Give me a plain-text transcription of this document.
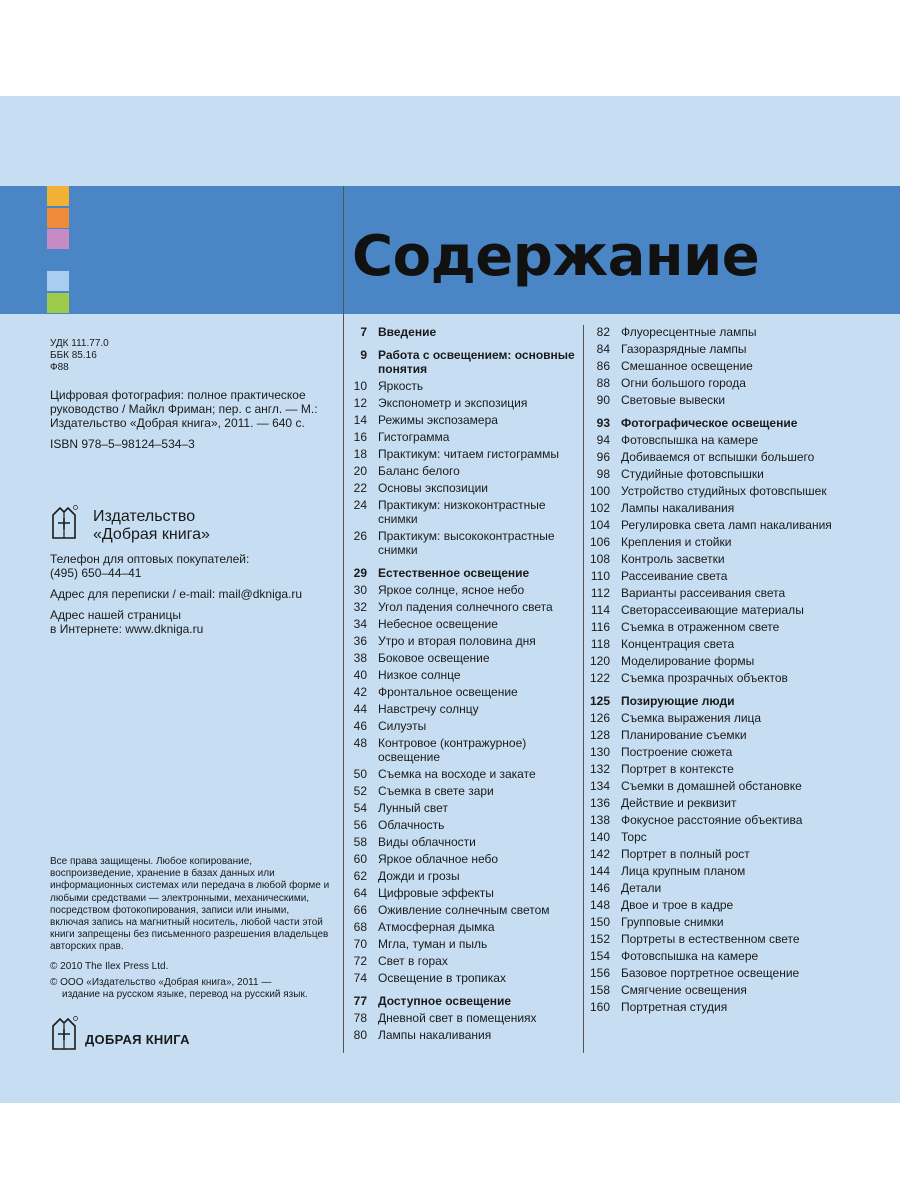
Содержание
УДК 111.77.0
ББК 85.16
Ф88
Цифровая фотография: полное практическое руководство / Майкл Фриман; пер. с англ. — М.: Издательство «Добрая книга», 2011. — 640 с.
ISBN 978–5–98124–534–3
Издательство
«Добрая книга»
Телефон для оптовых покупателей:
(495) 650–44–41
Адрес для переписки / e-mail: mail@dkniga.ru
Адрес нашей страницы
в Интернете: www.dkniga.ru
Все права защищены. Любое копирование, воспроизведение, хранение в базах данных или информационных системах или передача в любой форме и любыми средствами — электронными, механическими, посредством фотокопирования, записи или иными, включая запись на магнитный носитель, любой части этой книги запрещены без письменного разрешения владельцев авторских прав.
© 2010 The Ilex Press Ltd.
© ООО «Издательство «Добрая книга», 2011 —
издание на русском языке, перевод на русский язык.
ДОБРАЯ КНИГА
7 Введение
9 Работа с освещением: основные понятия
10 Яркость
12 Экспонометр и экспозиция
14 Режимы экспозамера
16 Гистограмма
18 Практикум: читаем гистограммы
20 Баланс белого
22 Основы экспозиции
24 Практикум: низкоконтрастные снимки
26 Практикум: высококонтрастные снимки
29 Естественное освещение
30 Яркое солнце, ясное небо
32 Угол падения солнечного света
34 Небесное освещение
36 Утро и вторая половина дня
38 Боковое освещение
40 Низкое солнце
42 Фронтальное освещение
44 Навстречу солнцу
46 Силуэты
48 Контровое (контражурное) освещение
50 Съемка на восходе и закате
52 Съемка в свете зари
54 Лунный свет
56 Облачность
58 Виды облачности
60 Яркое облачное небо
62 Дожди и грозы
64 Цифровые эффекты
66 Оживление солнечным светом
68 Атмосферная дымка
70 Мгла, туман и пыль
72 Свет в горах
74 Освещение в тропиках
77 Доступное освещение
78 Дневной свет в помещениях
80 Лампы накаливания
82 Флуоресцентные лампы
84 Газоразрядные лампы
86 Смешанное освещение
88 Огни большого города
90 Световые вывески
93 Фотографическое освещение
94 Фотовспышка на камере
96 Добиваемся от вспышки большего
98 Студийные фотовспышки
100 Устройство студийных фотовспышек
102 Лампы накаливания
104 Регулировка света ламп накаливания
106 Крепления и стойки
108 Контроль засветки
110 Рассеивание света
112 Варианты рассеивания света
114 Светорассеивающие материалы
116 Съемка в отраженном свете
118 Концентрация света
120 Моделирование формы
122 Съемка прозрачных объектов
125 Позирующие люди
126 Съемка выражения лица
128 Планирование съемки
130 Построение сюжета
132 Портрет в контексте
134 Съемки в домашней обстановке
136 Действие и реквизит
138 Фокусное расстояние объектива
140 Торс
142 Портрет в полный рост
144 Лица крупным планом
146 Детали
148 Двое и трое в кадре
150 Групповые снимки
152 Портреты в естественном свете
154 Фотовспышка на камере
156 Базовое портретное освещение
158 Смягчение освещения
160 Портретная студия
